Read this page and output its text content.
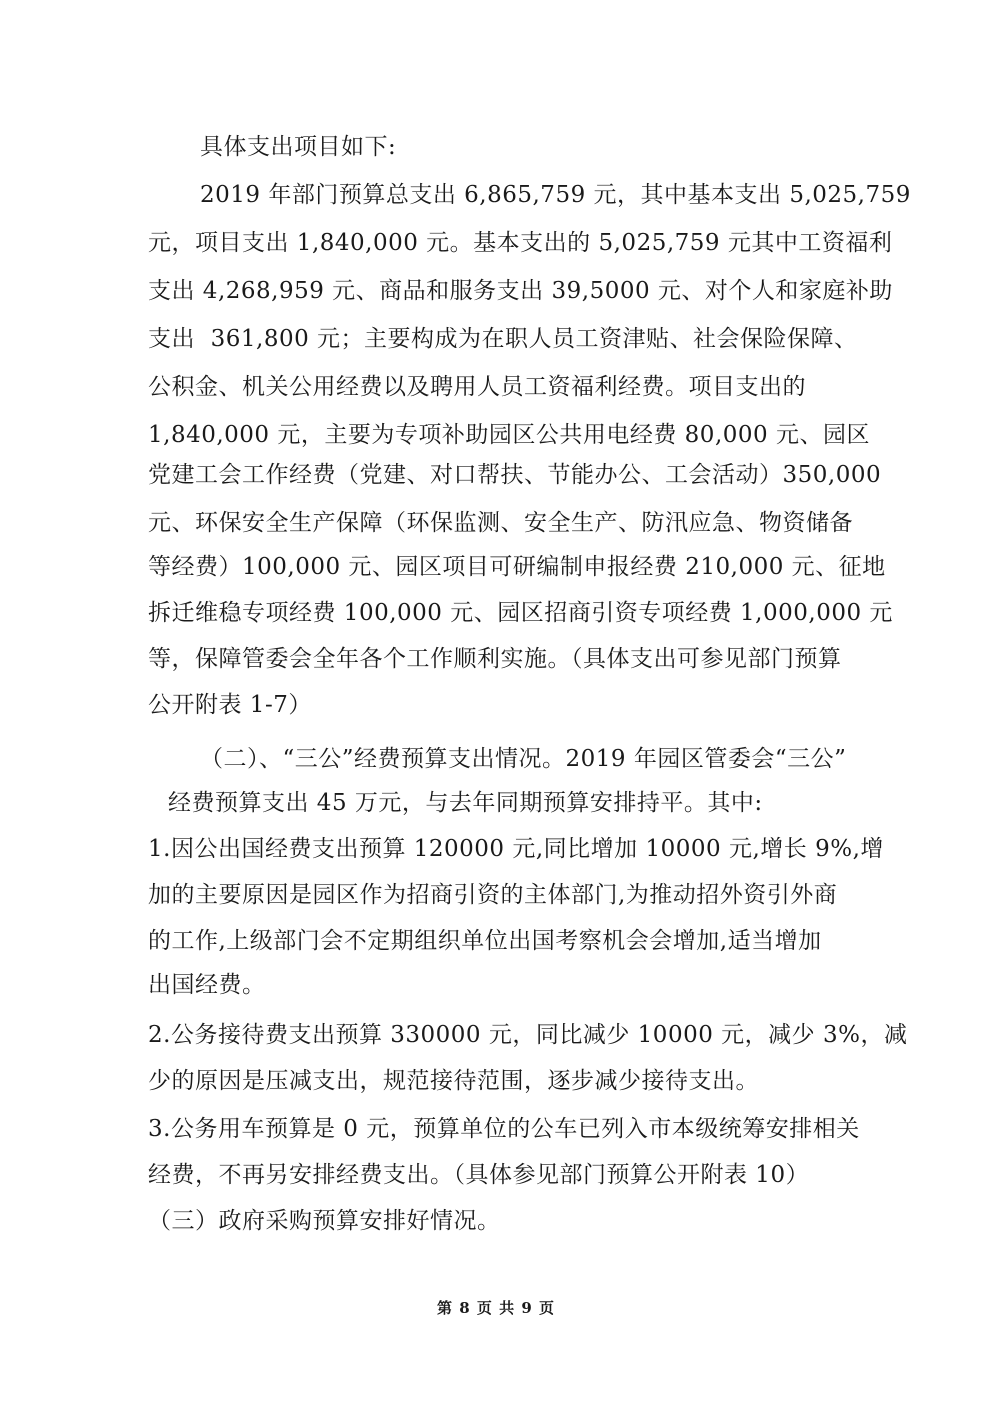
具体支出项目如下:
2019 年部门预算总支出 6,865,759 元，其中基本支出 5,025,759
元，项目支出 1,840,000 元。基本支出的 5,025,759 元其中工资福利
支出 4,268,959 元、商品和服务支出 39,5000 元、对个人和家庭补助
支出  361,800 元；主要构成为在职人员工资津贴、社会保险保障、
公积金、机关公用经费以及聘用人员工资福利经费。项目支出的
1,840,000 元，主要为专项补助园区公共用电经费 80,000 元、园区
党建工会工作经费（党建、对口帮扶、节能办公、工会活动）350,000
元、环保安全生产保障（环保监测、安全生产、防汛应急、物资储备
等经费）100,000 元、园区项目可研编制申报经费 210,000 元、征地
拆迁维稳专项经费 100,000 元、园区招商引资专项经费 1,000,000 元
等，保障管委会全年各个工作顺利实施。（具体支出可参见部门预算
公开附表 1-7）
（二）、“三公”经费预算支出情况。2019 年园区管委会“三公”
经费预算支出 45 万元，与去年同期预算安排持平。其中:
1.因公出国经费支出预算 120000 元,同比增加 10000 元,增长 9%,增
加的主要原因是园区作为招商引资的主体部门,为推动招外资引外商
的工作,上级部门会不定期组织单位出国考察机会会增加,适当增加
出国经费。
2.公务接待费支出预算 330000 元，同比减少 10000 元，减少 3%，减
少的原因是压减支出，规范接待范围，逐步减少接待支出。
3.公务用车预算是 0 元，预算单位的公车已列入市本级统筹安排相关
经费，不再另安排经费支出。（具体参见部门预算公开附表 10）
（三）政府采购预算安排好情况。
第 8 页 共 9 页
